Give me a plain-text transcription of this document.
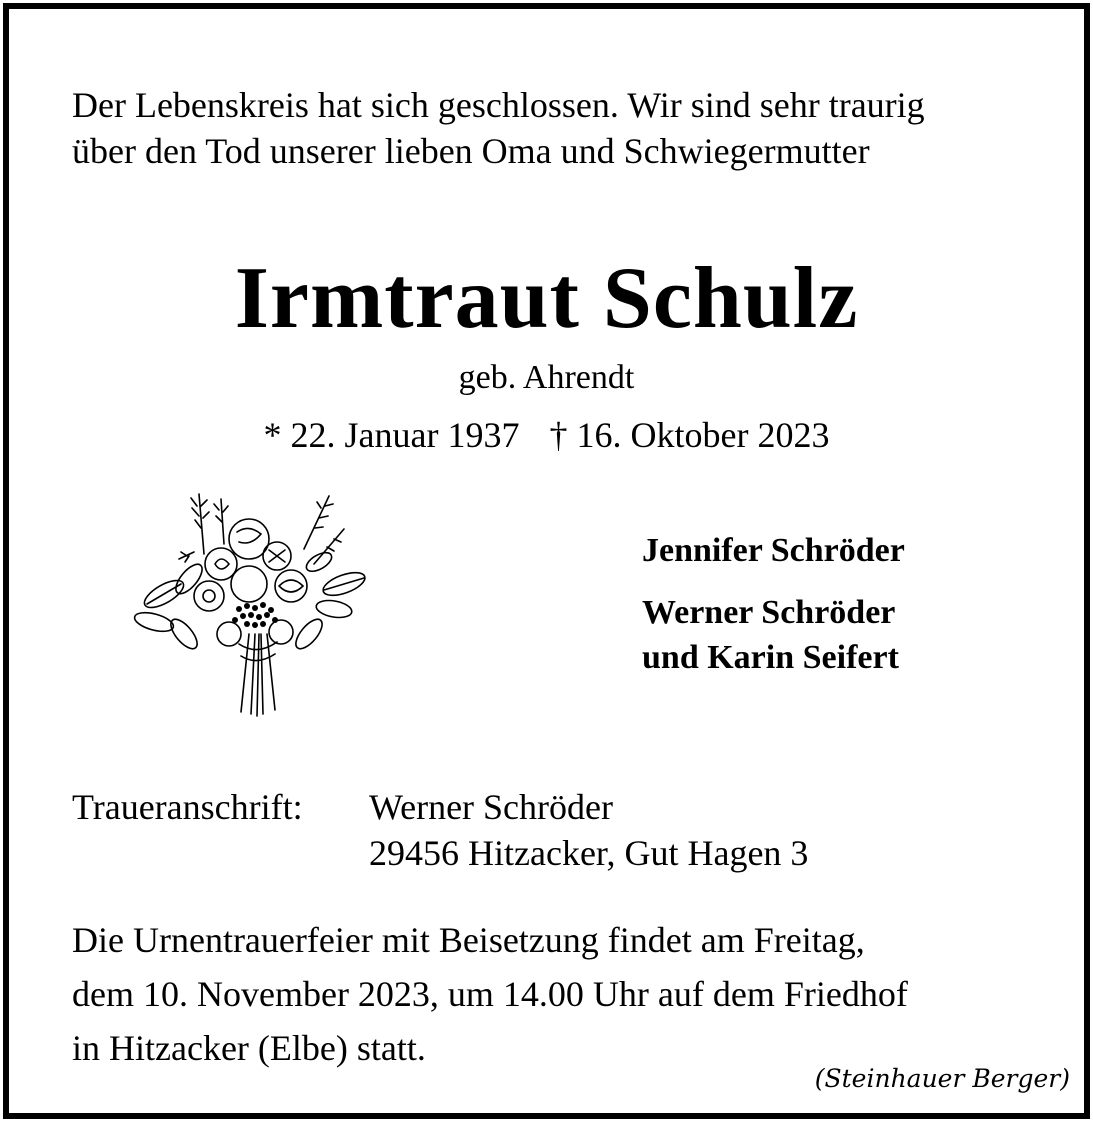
Der Lebenskreis hat sich geschlossen. Wir sind sehr traurig
über den Tod unserer lieben Oma und Schwiegermutter
Irmtraut Schulz
geb. Ahrendt
* 22. Januar 1937 † 16. Oktober 2023
Jennifer Schröder
Werner Schröder
und Karin Seifert
Traueranschrift: Werner Schröder
29456 Hitzacker, Gut Hagen 3
Die Urnentrauerfeier mit Beisetzung findet am Freitag,
dem 10. November 2023, um 14.00 Uhr auf dem Friedhof
in Hitzacker (Elbe) statt.
(Steinhauer Berger)
